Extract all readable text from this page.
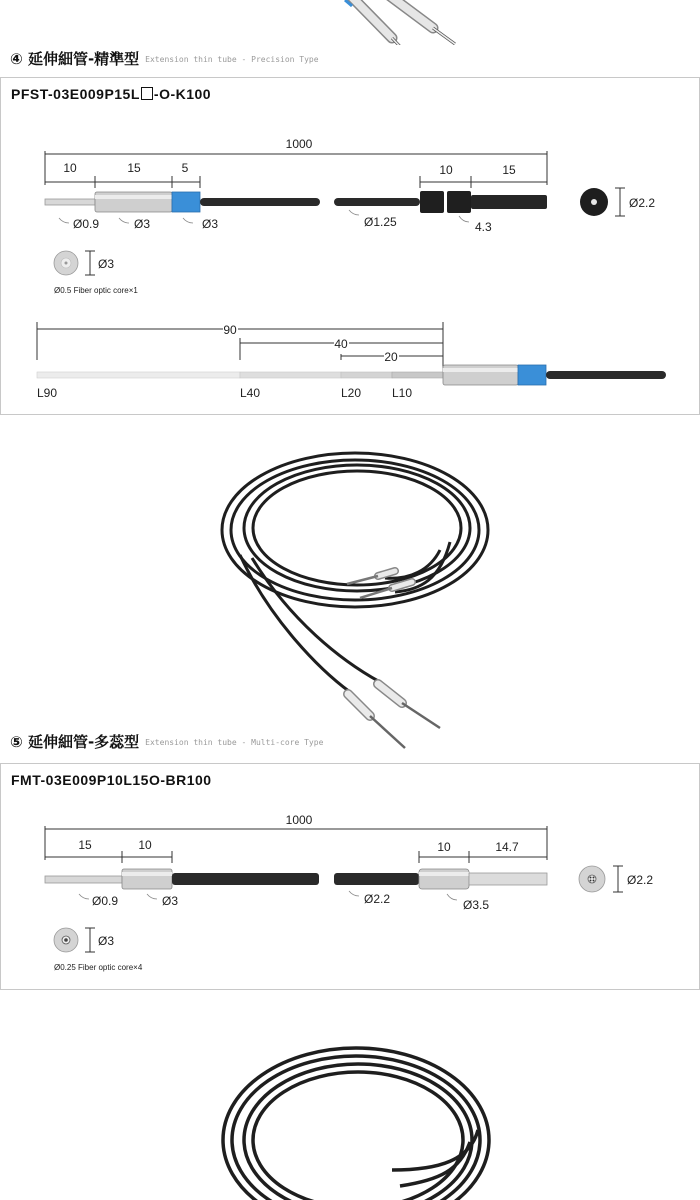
④ 延伸細管-精準型 Extension thin tube - Precision Type
PFST-03E009P15L -O-K100
1000
10	15	5	10	15
Ø0.9	Ø3	Ø3	Ø1.25	4.3
Ø2.2
Ø3
Ø0.5 Fiber optic core×1
90
40
20
L90	L40	L20	L10
⑤ 延伸細管-多蕊型 Extension thin tube - Multi-core Type
FMT-03E009P10L15O-BR100
1000
15	10	10	14.7
Ø0.9	Ø3	Ø2.2	Ø3.5
Ø2.2
Ø3
Ø0.25 Fiber optic core×4
